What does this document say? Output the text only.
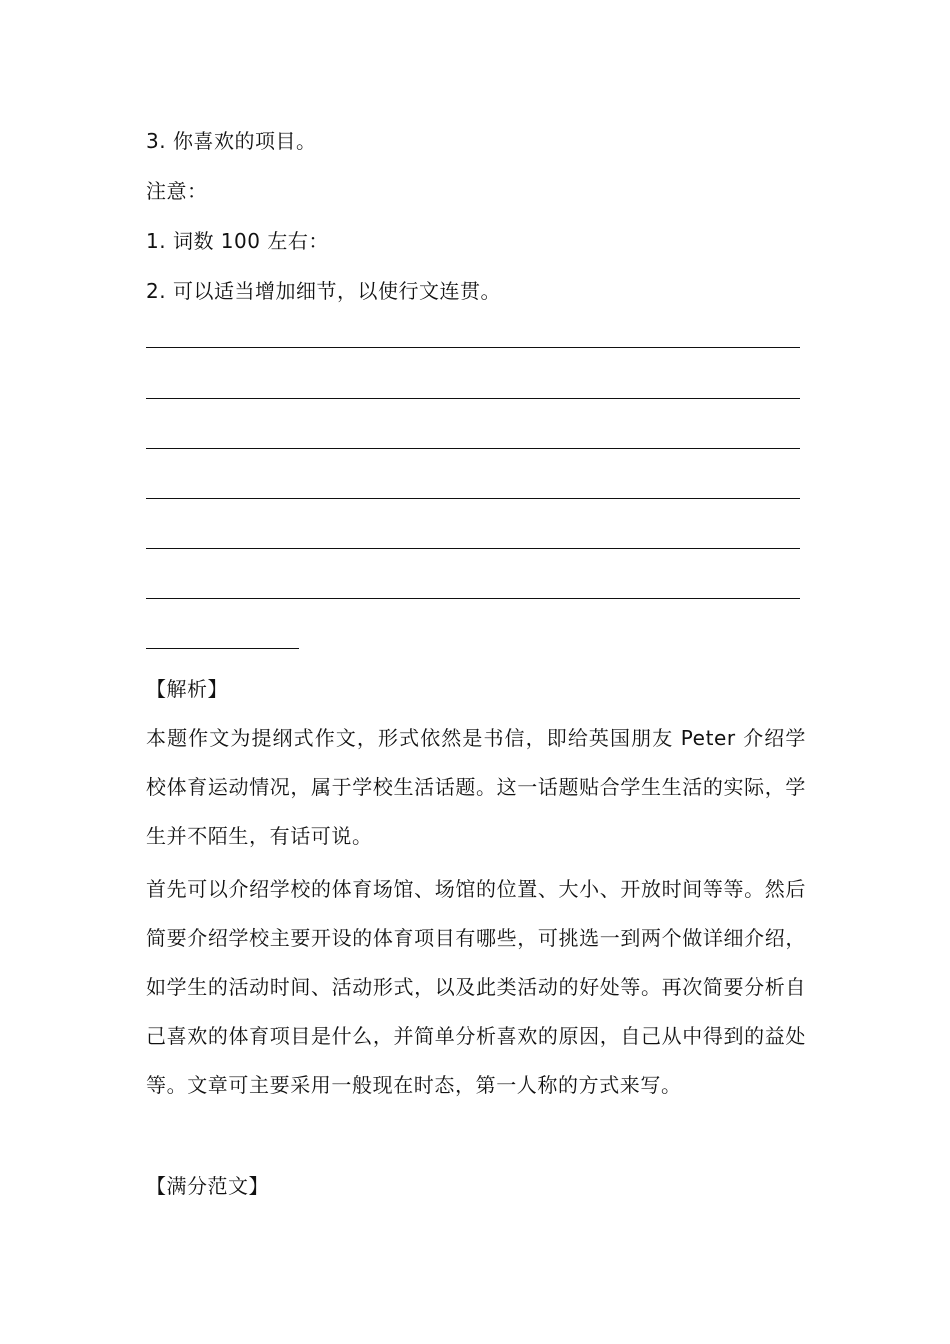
3. 你喜欢的项目。
注意：
1. 词数 100 左右：
2. 可以适当增加细节，以使行文连贯。
【解析】
本题作文为提纲式作文，形式依然是书信，即给英国朋友 Peter 介绍学校体育运动情况，属于学校生活话题。这一话题贴合学生生活的实际，学生并不陌生，有话可说。
首先可以介绍学校的体育场馆、场馆的位置、大小、开放时间等等。然后简要介绍学校主要开设的体育项目有哪些，可挑选一到两个做详细介绍，如学生的活动时间、活动形式，以及此类活动的好处等。再次简要分析自己喜欢的体育项目是什么，并简单分析喜欢的原因，自己从中得到的益处等。文章可主要采用一般现在时态，第一人称的方式来写。
【满分范文】
